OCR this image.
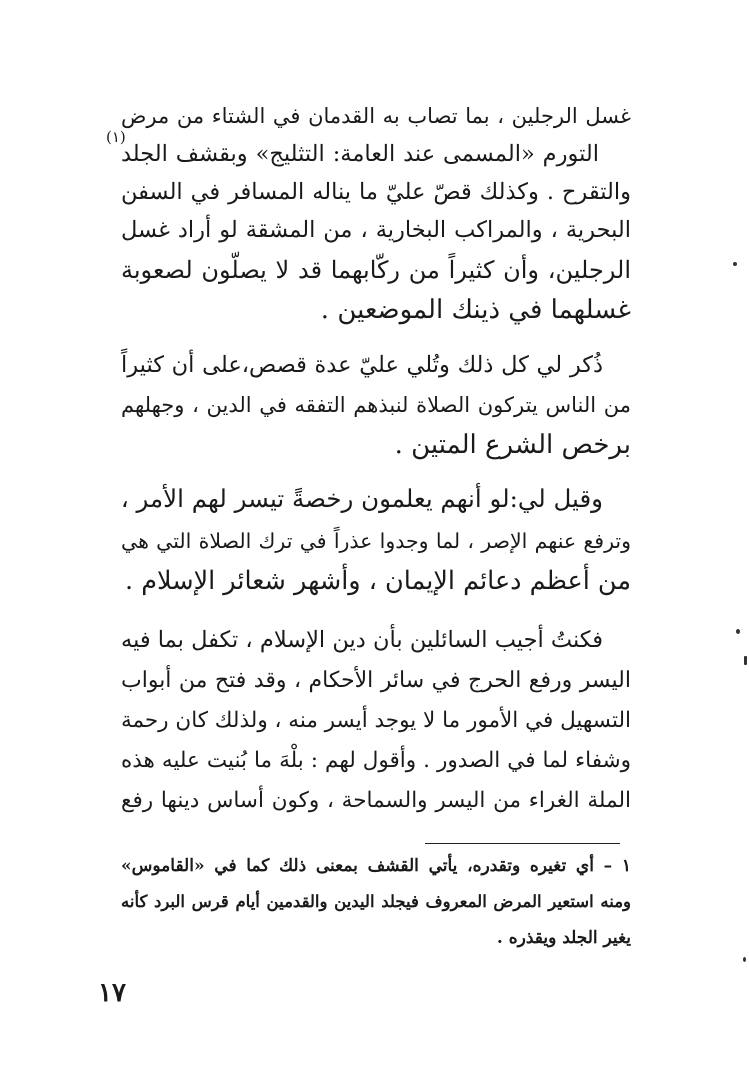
غسل الرجلين ، بما تصاب به القدمان في الشتاء من مرض
التورم «المسمى عند العامة: التثليج» وبقشف الجلد
(١)
والتقرح . وكذلك قصّ عليّ ما يناله المسافر في السفن
البحرية ، والمراكب البخارية ، من المشقة لو أراد غسل
الرجلين، وأن كثيراً من ركّابهما قد لا يصلّون لصعوبة
غسلهما في ذينك الموضعين .
ذُكر لي كل ذلك وتُلي عليّ عدة قصص،على أن كثيراً
من الناس يتركون الصلاة لنبذهم التفقه في الدين ، وجهلهم
برخص الشرع المتين .
وقيل لي:لو أنهم يعلمون رخصةً تيسر لهم الأمر ،
وترفع عنهم الإصر ، لما وجدوا عذراً في ترك الصلاة التي هي
من أعظم دعائم الإيمان ، وأشهر شعائر الإسلام .
فكنتُ أجيب السائلين بأن دين الإسلام ، تكفل بما فيه
اليسر ورفع الحرج في سائر الأحكام ، وقد فتح من أبواب
التسهيل في الأمور ما لا يوجد أيسر منه ، ولذلك كان رحمة
وشفاء لما في الصدور . وأقول لهم : بلْهَ ما بُنيت عليه هذه
الملة الغراء من اليسر والسماحة ، وكون أساس دينها رفع
١ – أي تغيره وتقدره، يأتي القشف بمعنى ذلك كما في «القاموس»
ومنه استعير المرض المعروف فيجلد اليدين والقدمين أيام قرس البرد كأنه
يغير الجلد ويقذره .
١٧
